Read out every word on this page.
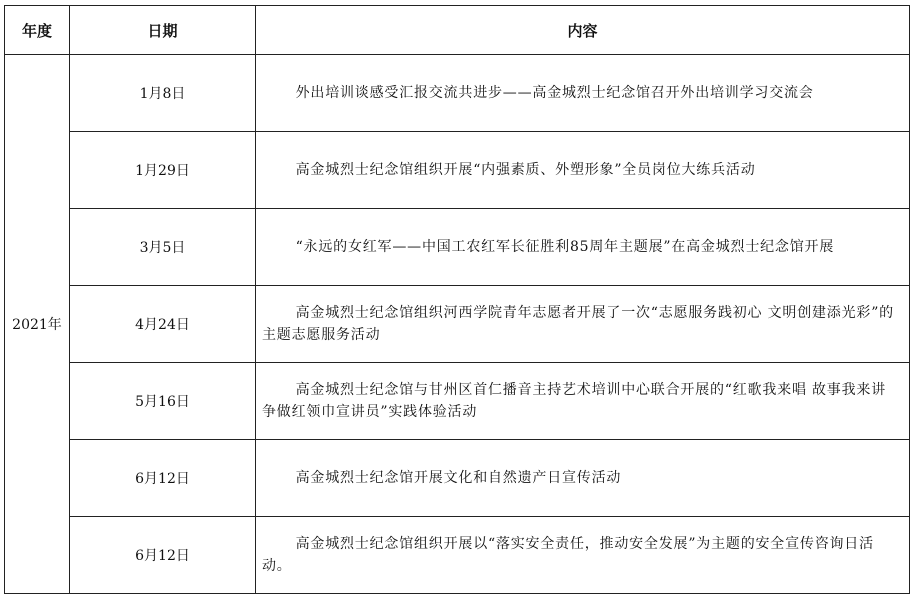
年度	日期	内容
2021年	1月8日	外出培训谈感受汇报交流共进步——高金城烈士纪念馆召开外出培训学习交流会
	1月29日	高金城烈士纪念馆组织开展“内强素质、外塑形象”全员岗位大练兵活动
	3月5日	“永远的女红军——中国工农红军长征胜利85周年主题展”在高金城烈士纪念馆开展
	4月24日	高金城烈士纪念馆组织河西学院青年志愿者开展了一次“志愿服务践初心 文明创建添光彩”的主题志愿服务活动
	5月16日	高金城烈士纪念馆与甘州区首仁播音主持艺术培训中心联合开展的“红歌我来唱 故事我来讲 争做红领巾宣讲员”实践体验活动
	6月12日	高金城烈士纪念馆开展文化和自然遗产日宣传活动
	6月12日	高金城烈士纪念馆组织开展以“落实安全责任，推动安全发展”为主题的安全宣传咨询日活动。
